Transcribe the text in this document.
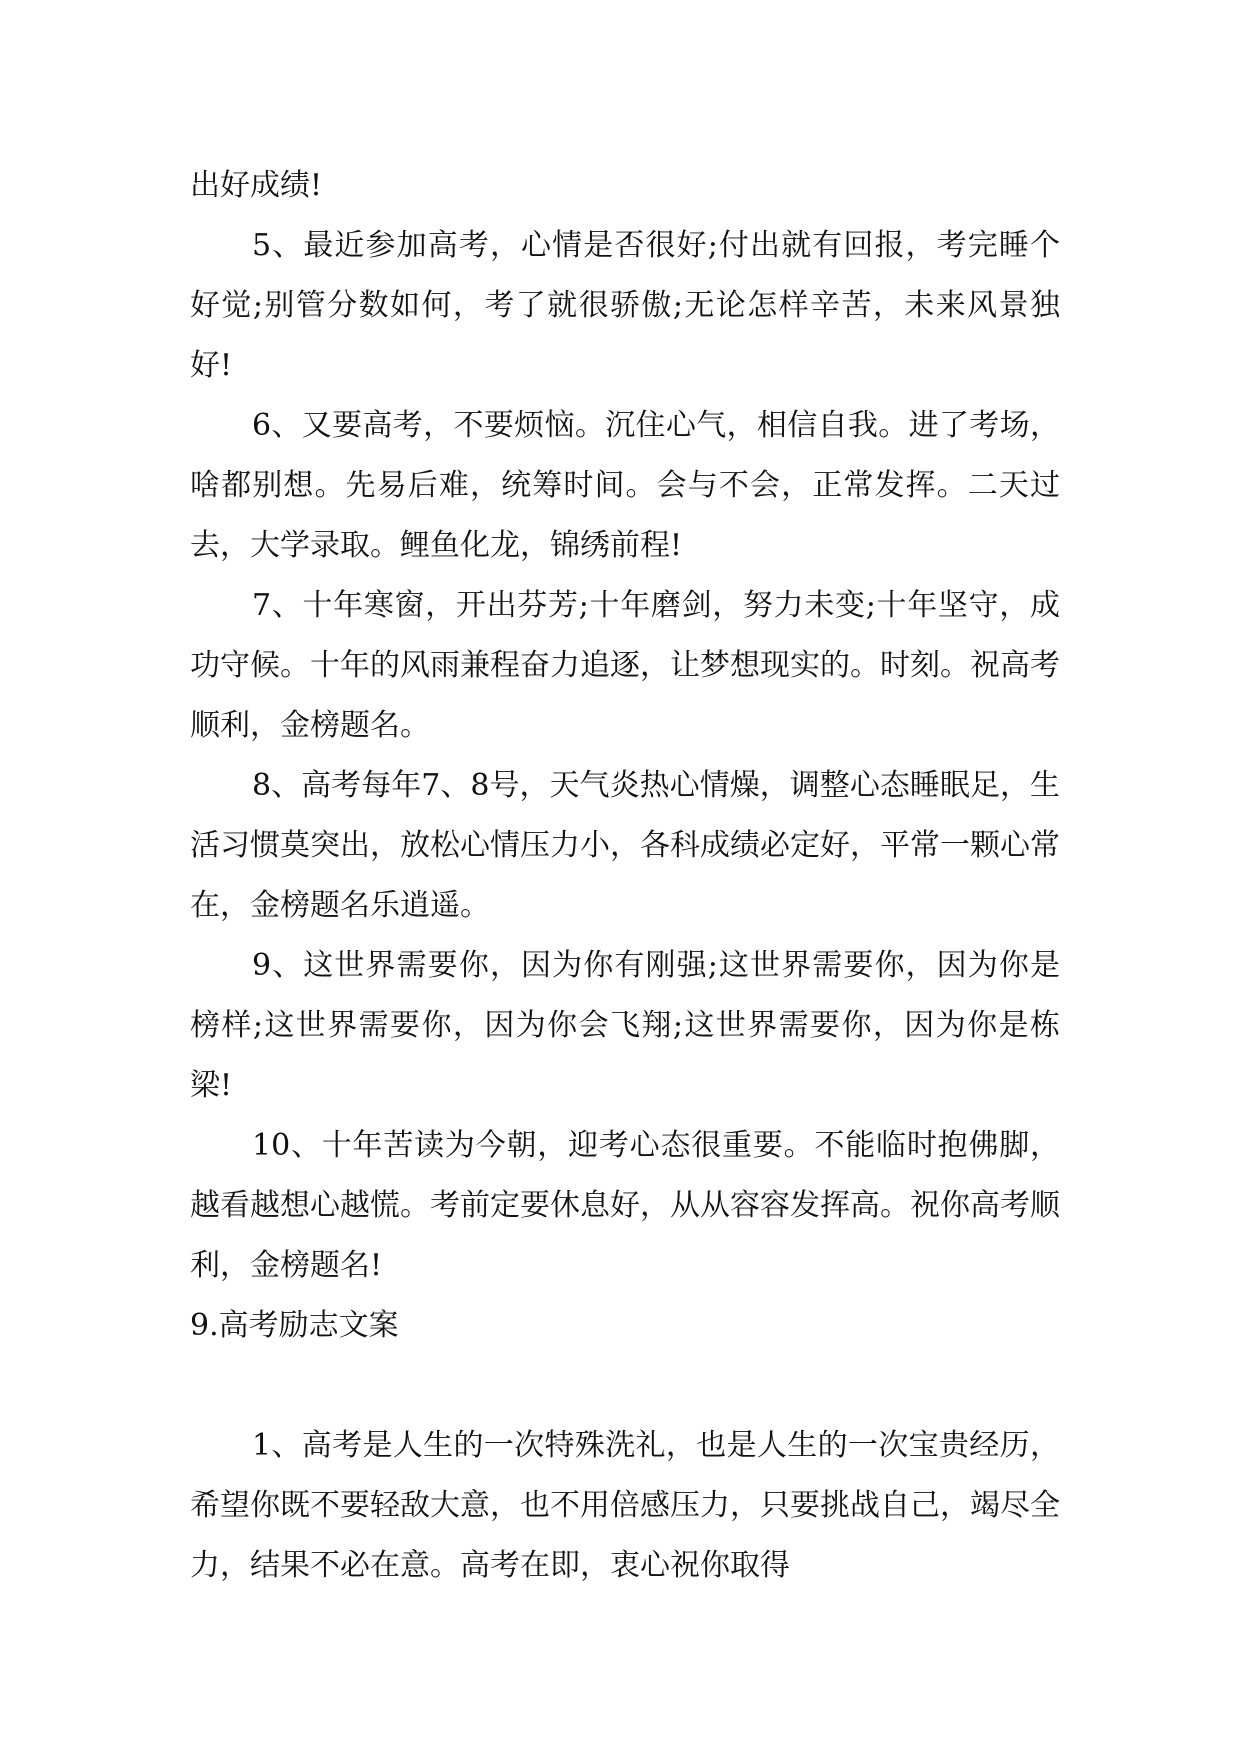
出好成绩!

5、最近参加高考，心情是否很好;付出就有回报，考完睡个好觉;别管分数如何，考了就很骄傲;无论怎样辛苦，未来风景独好!

6、又要高考，不要烦恼。沉住心气，相信自我。进了考场，啥都别想。先易后难，统筹时间。会与不会，正常发挥。二天过去，大学录取。鲤鱼化龙，锦绣前程!

7、十年寒窗，开出芬芳;十年磨剑，努力未变;十年坚守，成功守候。十年的风雨兼程奋力追逐，让梦想现实的。时刻。祝高考顺利，金榜题名。

8、高考每年7、8号，天气炎热心情燥，调整心态睡眠足，生活习惯莫突出，放松心情压力小，各科成绩必定好，平常一颗心常在，金榜题名乐逍遥。

9、这世界需要你，因为你有刚强;这世界需要你，因为你是榜样;这世界需要你，因为你会飞翔;这世界需要你，因为你是栋梁!

10、十年苦读为今朝，迎考心态很重要。不能临时抱佛脚，越看越想心越慌。考前定要休息好，从从容容发挥高。祝你高考顺利，金榜题名!

9.高考励志文案

1、高考是人生的一次特殊洗礼，也是人生的一次宝贵经历，希望你既不要轻敌大意，也不用倍感压力，只要挑战自己，竭尽全力，结果不必在意。高考在即，衷心祝你取得
